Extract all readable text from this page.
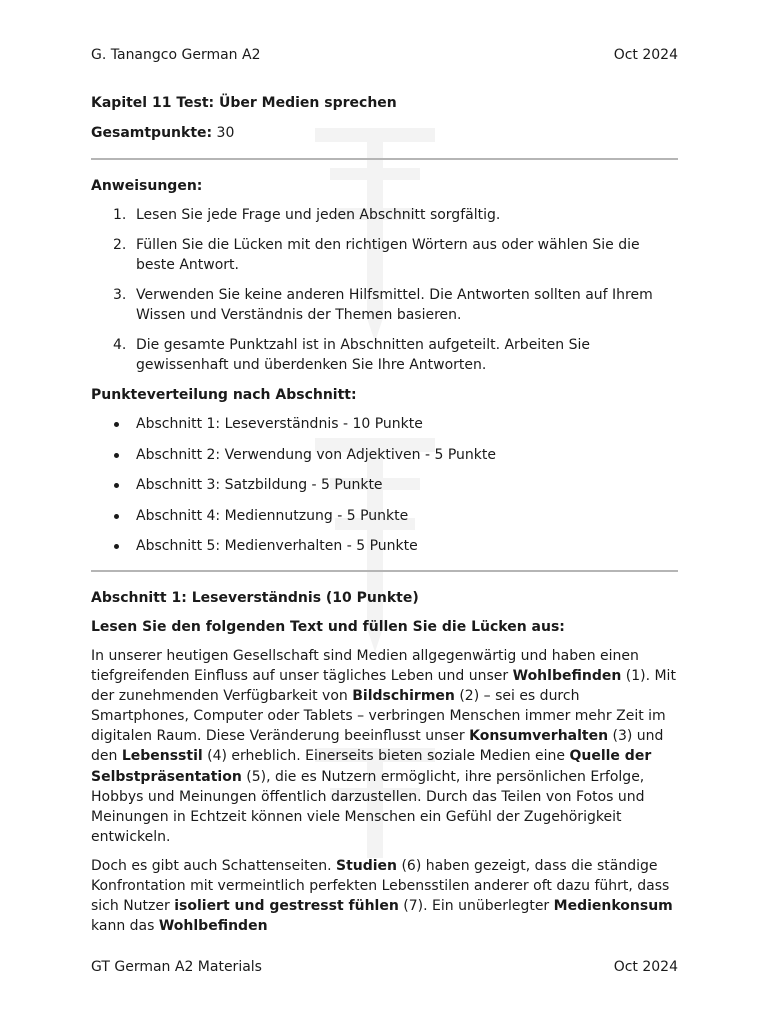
G. Tanangco German A2	Oct 2024
Kapitel 11 Test: Über Medien sprechen
Gesamtpunkte: 30
Anweisungen:
1. Lesen Sie jede Frage und jeden Abschnitt sorgfältig.
2. Füllen Sie die Lücken mit den richtigen Wörtern aus oder wählen Sie die beste Antwort.
3. Verwenden Sie keine anderen Hilfsmittel. Die Antworten sollten auf Ihrem Wissen und Verständnis der Themen basieren.
4. Die gesamte Punktzahl ist in Abschnitten aufgeteilt. Arbeiten Sie gewissenhaft und überdenken Sie Ihre Antworten.
Punkteverteilung nach Abschnitt:
Abschnitt 1: Leseverständnis - 10 Punkte
Abschnitt 2: Verwendung von Adjektiven - 5 Punkte
Abschnitt 3: Satzbildung - 5 Punkte
Abschnitt 4: Mediennutzung - 5 Punkte
Abschnitt 5: Medienverhalten - 5 Punkte
Abschnitt 1: Leseverständnis (10 Punkte)
Lesen Sie den folgenden Text und füllen Sie die Lücken aus:

In unserer heutigen Gesellschaft sind Medien allgegenwärtig und haben einen tiefgreifenden Einfluss auf unser tägliches Leben und unser Wohlbefinden (1). Mit der zunehmenden Verfügbarkeit von Bildschirmen (2) – sei es durch Smartphones, Computer oder Tablets – verbringen Menschen immer mehr Zeit im digitalen Raum. Diese Veränderung beeinflusst unser Konsumverhalten (3) und den Lebensstil (4) erheblich. Einerseits bieten soziale Medien eine Quelle der Selbstpräsentation (5), die es Nutzern ermöglicht, ihre persönlichen Erfolge, Hobbys und Meinungen öffentlich darzustellen. Durch das Teilen von Fotos und Meinungen in Echtzeit können viele Menschen ein Gefühl der Zugehörigkeit entwickeln.

Doch es gibt auch Schattenseiten. Studien (6) haben gezeigt, dass die ständige Konfrontation mit vermeintlich perfekten Lebensstilen anderer oft dazu führt, dass sich Nutzer isoliert und gestresst fühlen (7). Ein unüberlegter Medienkonsum kann das Wohlbefinden

GT German A2 Materials	Oct 2024
